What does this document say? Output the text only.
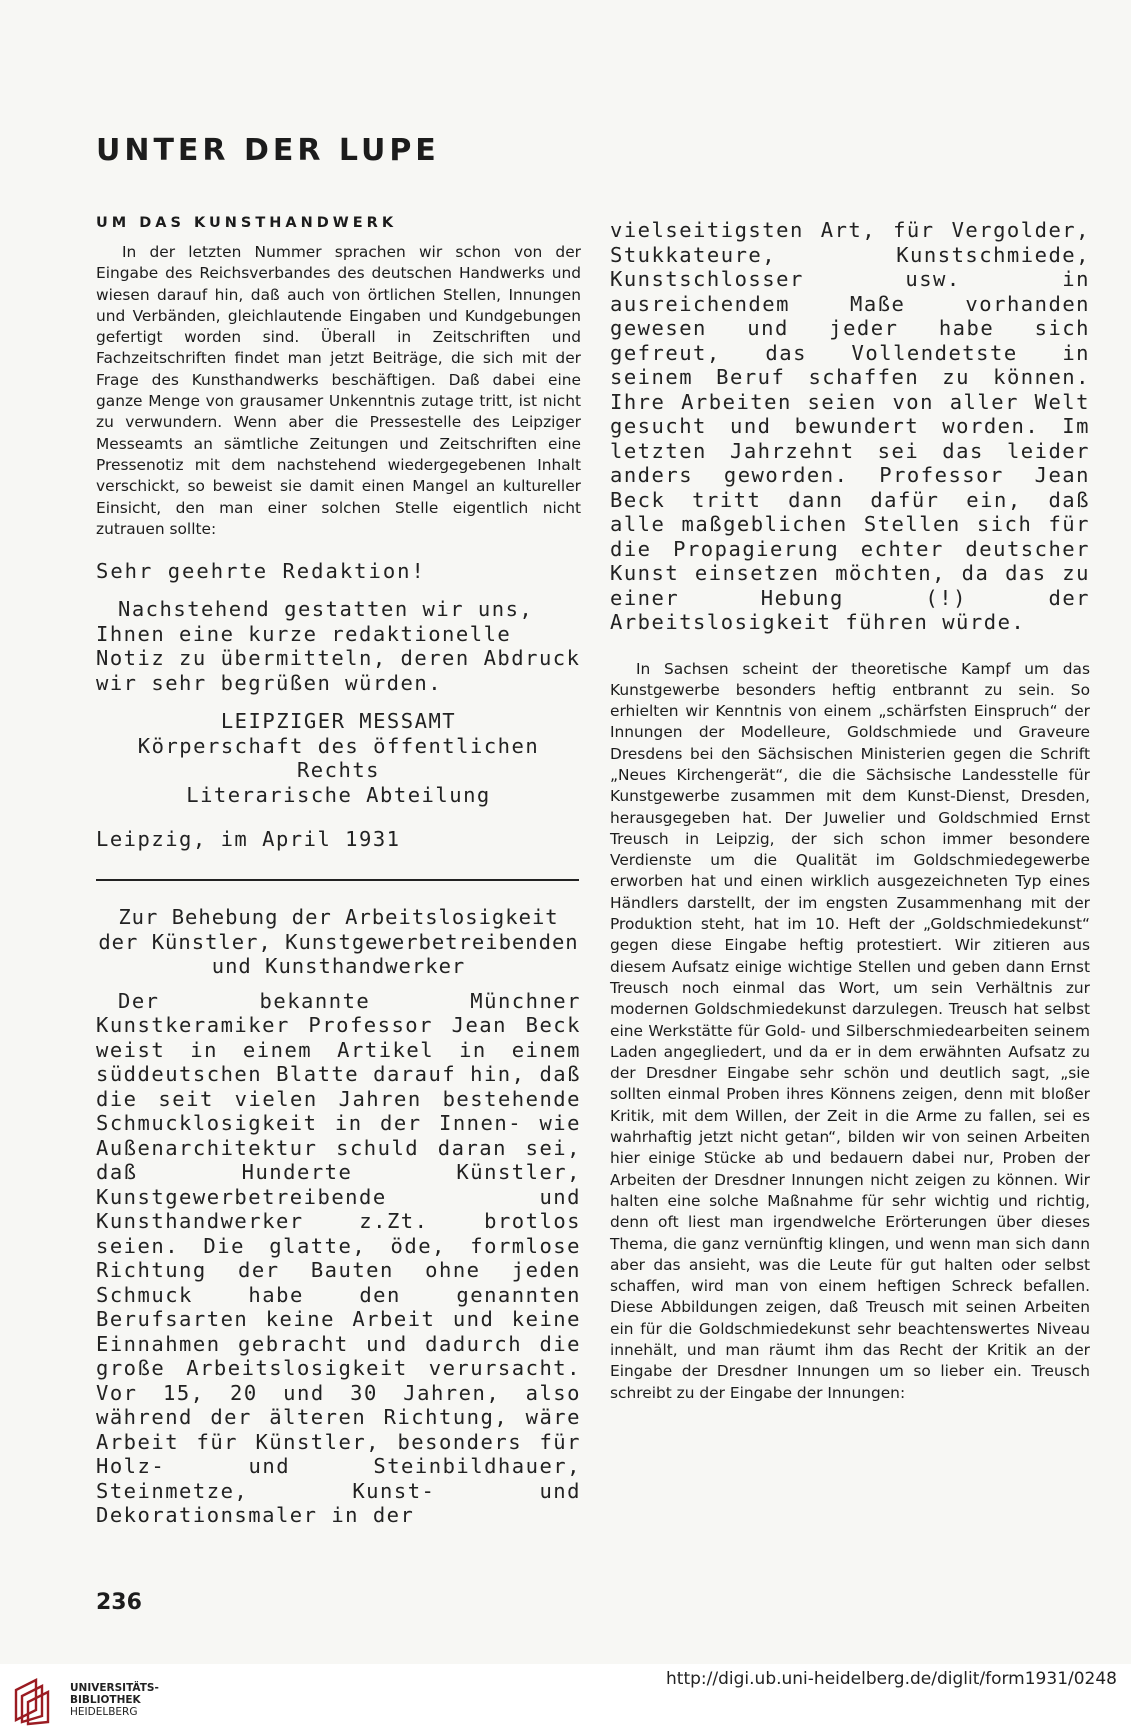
UNTER DER LUPE
UM DAS KUNSTHANDWERK

In der letzten Nummer sprachen wir schon von der Eingabe des Reichsverbandes des deutschen Handwerks und wiesen darauf hin, daß auch von örtlichen Stellen, Innungen und Verbänden, gleichlautende Eingaben und Kundgebungen gefertigt worden sind. Überall in Zeitschriften und Fachzeitschriften findet man jetzt Beiträge, die sich mit der Frage des Kunsthandwerks beschäftigen. Daß dabei eine ganze Menge von grausamer Unkenntnis zutage tritt, ist nicht zu verwundern. Wenn aber die Pressestelle des Leipziger Messeamts an sämtliche Zeitungen und Zeitschriften eine Pressenotiz mit dem nachstehend wiedergegebenen Inhalt verschickt, so beweist sie damit einen Mangel an kultureller Einsicht, den man einer solchen Stelle eigentlich nicht zutrauen sollte:

Sehr geehrte Redaktion!

Nachstehend gestatten wir uns, Ihnen eine kurze redaktionelle Notiz zu übermitteln, deren Abdruck wir sehr begrüßen würden.

LEIPZIGER MESSAMT

Körperschaft des öffentlichen Rechts

Literarische Abteilung

Leipzig, im April 1931
Zur Behebung der Arbeitslosigkeit der Künstler, Kunstgewerbetreibenden und Kunsthandwerker

Der bekannte Münchner Kunstkeramiker Professor Jean Beck weist in einem Artikel in einem süddeutschen Blatte darauf hin, daß die seit vielen Jahren bestehende Schmucklosigkeit in der Innen- wie Außenarchitektur schuld daran sei, daß Hunderte Künstler, Kunstgewerbetreibende und Kunsthandwerker z.Zt. brotlos seien. Die glatte, öde, formlose Richtung der Bauten ohne jeden Schmuck habe den genannten Berufsarten keine Arbeit und keine Einnahmen gebracht und dadurch die große Arbeitslosigkeit verursacht. Vor 15, 20 und 30 Jahren, also während der älteren Richtung, wäre Arbeit für Künstler, besonders für Holz- und Steinbildhauer, Steinmetze, Kunst- und Dekorationsmaler in der

vielseitigsten Art, für Vergolder, Stukkateure, Kunstschmiede, Kunstschlosser usw. in ausreichendem Maße vorhanden gewesen und jeder habe sich gefreut, das Vollendetste in seinem Beruf schaffen zu können. Ihre Arbeiten seien von aller Welt gesucht und bewundert worden. Im letzten Jahrzehnt sei das leider anders geworden. Professor Jean Beck tritt dann dafür ein, daß alle maßgeblichen Stellen sich für die Propagierung echter deutscher Kunst einsetzen möchten, da das zu einer Hebung (!) der Arbeitslosigkeit führen würde.

In Sachsen scheint der theoretische Kampf um das Kunstgewerbe besonders heftig entbrannt zu sein. So erhielten wir Kenntnis von einem „schärfsten Einspruch“ der Innungen der Modelleure, Goldschmiede und Graveure Dresdens bei den Sächsischen Ministerien gegen die Schrift „Neues Kirchengerät“, die die Sächsische Landesstelle für Kunstgewerbe zusammen mit dem Kunst-Dienst, Dresden, herausgegeben hat. Der Juwelier und Goldschmied Ernst Treusch in Leipzig, der sich schon immer besondere Verdienste um die Qualität im Goldschmiedegewerbe erworben hat und einen wirklich ausgezeichneten Typ eines Händlers darstellt, der im engsten Zusammenhang mit der Produktion steht, hat im 10. Heft der „Goldschmiedekunst“ gegen diese Eingabe heftig protestiert. Wir zitieren aus diesem Aufsatz einige wichtige Stellen und geben dann Ernst Treusch noch einmal das Wort, um sein Verhältnis zur modernen Goldschmiedekunst darzulegen. Treusch hat selbst eine Werkstätte für Gold- und Silberschmiedearbeiten seinem Laden angegliedert, und da er in dem erwähnten Aufsatz zu der Dresdner Eingabe sehr schön und deutlich sagt, „sie sollten einmal Proben ihres Könnens zeigen, denn mit bloßer Kritik, mit dem Willen, der Zeit in die Arme zu fallen, sei es wahrhaftig jetzt nicht getan“, bilden wir von seinen Arbeiten hier einige Stücke ab und bedauern dabei nur, Proben der Arbeiten der Dresdner Innungen nicht zeigen zu können. Wir halten eine solche Maßnahme für sehr wichtig und richtig, denn oft liest man irgendwelche Erörterungen über dieses Thema, die ganz vernünftig klingen, und wenn man sich dann aber das ansieht, was die Leute für gut halten oder selbst schaffen, wird man von einem heftigen Schreck befallen. Diese Abbildungen zeigen, daß Treusch mit seinen Arbeiten ein für die Goldschmiedekunst sehr beachtenswertes Niveau innehält, und man räumt ihm das Recht der Kritik an der Eingabe der Dresdner Innungen um so lieber ein. Treusch schreibt zu der Eingabe der Innungen:

236
UNIVERSITÄTS-
BIBLIOTHEK
HEIDELBERG
http://digi.ub.uni-heidelberg.de/diglit/form1931/0248
